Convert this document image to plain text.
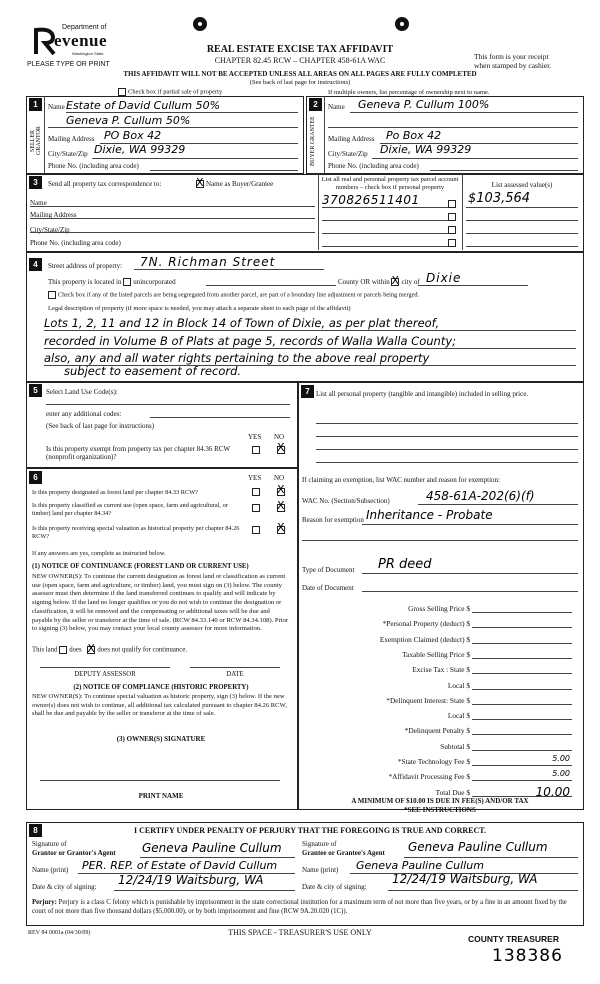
Department of
evenue
Washington State
PLEASE TYPE OR PRINT
REAL ESTATE EXCISE TAX AFFIDAVIT
CHAPTER 82.45 RCW – CHAPTER 458-61A WAC	This form is your receipt
when stamped by cashier.
THIS AFFIDAVIT WILL NOT BE ACCEPTED UNLESS ALL AREAS ON ALL PAGES ARE FULLY COMPLETED
(See back of last page for instructions)
Check box if partial sale of property	If multiple owners, list percentage of ownership next to name.
1
SELLER GRANTOR
Name Estate of David Cullum 50%
Geneva P. Cullum 50%
Mailing Address PO Box 42
City/State/Zip Dixie, WA 99329
Phone No. (including area code)
2
BUYER GRANTEE
Name Geneva P. Cullum 100%
Mailing Address Po Box 42
City/State/Zip Dixie, WA 99329
Phone No. (including area code)
3	Send all property tax correspondence to:	X Name as Buyer/Grantee
List all real and personal property tax parcel account numbers – check box if personal property	List assessed value(s)
Name
Mailing Address
City/State/Zip
Phone No. (including area code)
370826511401	$103,564
4	Street address of property: 7N. Richman Street
This property is located in unincorporated	County OR within X city of Dixie
Check box if any of the listed parcels are being segregated from another parcel, are part of a boundary line adjustment or parcels being merged.
Legal description of property (if more space is needed, you may attach a separate sheet to each page of the affidavit)
Lots 1, 2, 11 and 12 in Block 14 of Town of Dixie, as per plat thereof,
recorded in Volume B of Plats at page 5, records of Walla Walla County;
also, any and all water rights pertaining to the above real property
subject to easement of record.
5	Select Land Use Code(s):
enter any additional codes:
(See back of last page for instructions)
YES NO
Is this property exempt from property tax per chapter 84.36 RCW (nonprofit organization)?
X
6	YES NO
Is this property designated as forest land per chapter 84.33 RCW?	X
Is this property classified as current use (open space, farm and agricultural, or timber) land per chapter 84.34?
X
Is this property receiving special valuation as historical property per chapter 84.26 RCW?
X
If any answers are yes, complete as instructed below.
(1) NOTICE OF CONTINUANCE (FOREST LAND OR CURRENT USE)
NEW OWNER(S): To continue the current designation as forest land or classification as current use (open space, farm and agriculture, or timber) land, you must sign on (3) below. The county assessor must then determine if the land transferred continues to qualify and will indicate by signing below. If the land no longer qualifies or you do not wish to continue the designation or classification, it will be removed and the compensating or additional taxes will be due and payable by the seller or transferor at the time of sale. (RCW 84.33.140 or RCW 84.34.108). Prior to signing (3) below, you may contact your local county assessor for more information.
This land does X does not qualify for continuance.
DEPUTY ASSESSOR	DATE
(2) NOTICE OF COMPLIANCE (HISTORIC PROPERTY)
NEW OWNER(S): To continue special valuation as historic property, sign (3) below. If the new owner(s) does not wish to continue, all additional tax calculated pursuant to chapter 84.26 RCW, shall be due and payable by the seller or transferor at the time of sale.
(3) OWNER(S) SIGNATURE
PRINT NAME
7 List all personal property (tangible and intangible) included in selling price.
If claiming an exemption, list WAC number and reason for exemption:
WAC No. (Section/Subsection)	458-61A-202(6)(f)
Reason for exemption Inheritance - Probate
Type of Document PR deed
Date of Document
Gross Selling Price $
*Personal Property (deduct) $
Exemption Claimed (deduct) $
Taxable Selling Price $
Excise Tax : State $
Local $
*Delinquent Interest: State $
Local $
*Delinquent Penalty $
Subtotal $
*State Technology Fee $	5.00
*Affidavit Processing Fee $	5.00
Total Due $	10.00
A MINIMUM OF $10.00 IS DUE IN FEE(S) AND/OR TAX
*SEE INSTRUCTIONS
8	I CERTIFY UNDER PENALTY OF PERJURY THAT THE FOREGOING IS TRUE AND CORRECT.
Signature of
Grantor or Grantor's Agent Geneva Pauline Cullum
Name (print) PER. REP. of Estate of David Cullum
Date & city of signing: 12/24/19 Waitsburg, WA
Signature of
Grantee or Grantee's Agent Geneva Pauline Cullum
Name (print) Geneva Pauline Cullum
Date & city of signing:
12/24/19 Waitsburg, WA
Perjury: Perjury is a class C felony which is punishable by imprisonment in the state correctional institution for a maximum term of not more than five years, or by a fine in an amount fixed by the court of not more than five thousand dollars ($5,000.00), or by both imprisonment and fine (RCW 9A.20.020 (1C)).
REV 84 0001a (04/30/09)	THIS SPACE - TREASURER'S USE ONLY
COUNTY TREASURER
138386
